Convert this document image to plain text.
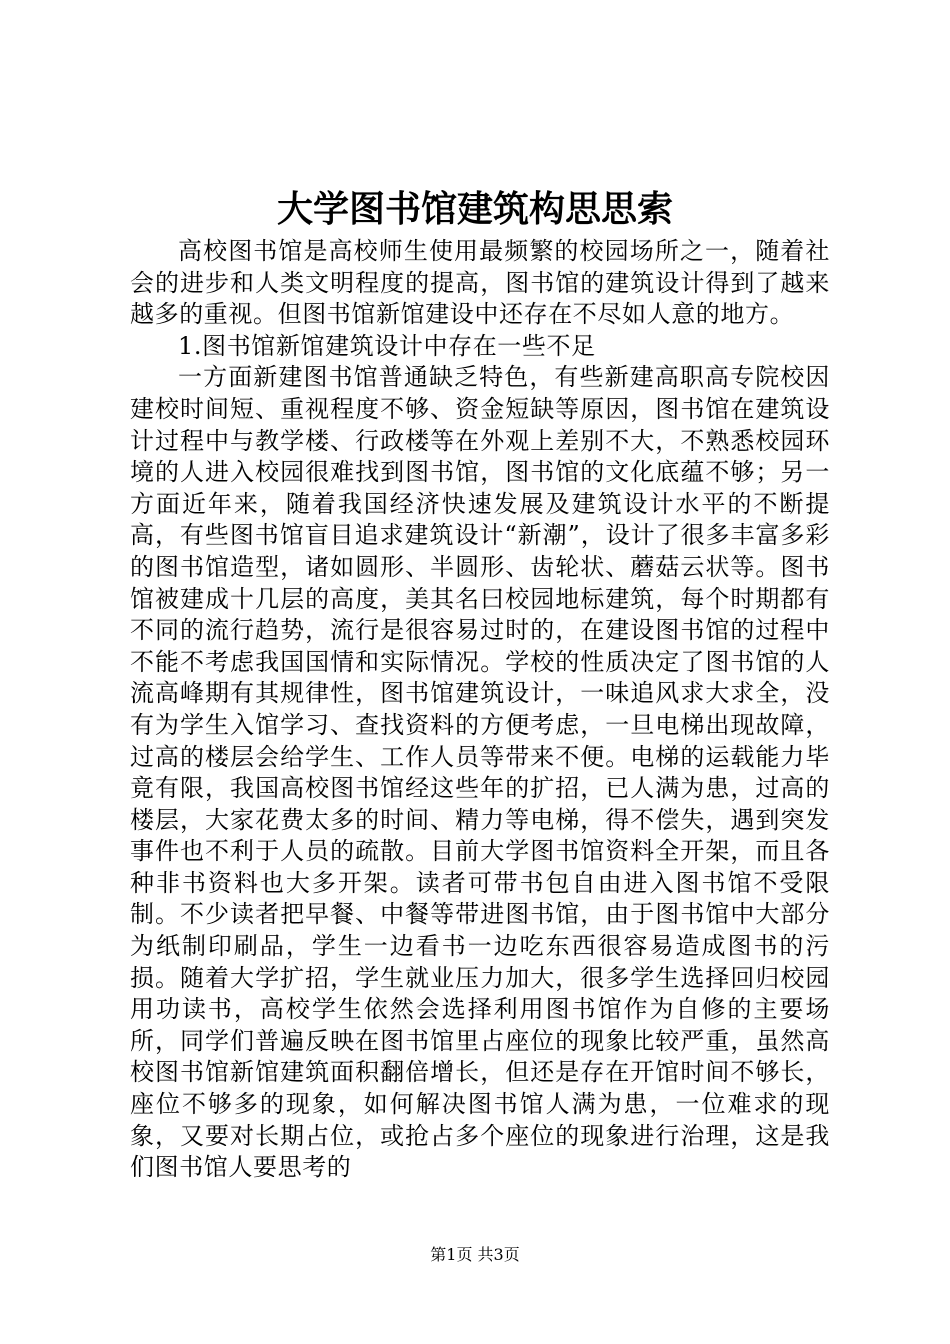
大学图书馆建筑构思思索

高校图书馆是高校师生使用最频繁的校园场所之一，随着社会的进步和人类文明程度的提高，图书馆的建筑设计得到了越来越多的重视。但图书馆新馆建设中还存在不尽如人意的地方。

1.图书馆新馆建筑设计中存在一些不足

一方面新建图书馆普通缺乏特色，有些新建高职高专院校因建校时间短、重视程度不够、资金短缺等原因，图书馆在建筑设计过程中与教学楼、行政楼等在外观上差别不大，不熟悉校园环境的人进入校园很难找到图书馆，图书馆的文化底蕴不够；另一方面近年来，随着我国经济快速发展及建筑设计水平的不断提高，有些图书馆盲目追求建筑设计“新潮”，设计了很多丰富多彩的图书馆造型，诸如圆形、半圆形、齿轮状、蘑菇云状等。图书馆被建成十几层的高度，美其名曰校园地标建筑，每个时期都有不同的流行趋势，流行是很容易过时的，在建设图书馆的过程中不能不考虑我国国情和实际情况。学校的性质决定了图书馆的人流高峰期有其规律性，图书馆建筑设计，一味追风求大求全，没有为学生入馆学习、查找资料的方便考虑，一旦电梯出现故障，过高的楼层会给学生、工作人员等带来不便。电梯的运载能力毕竟有限，我国高校图书馆经这些年的扩招，已人满为患，过高的楼层，大家花费太多的时间、精力等电梯，得不偿失，遇到突发事件也不利于人员的疏散。目前大学图书馆资料全开架，而且各种非书资料也大多开架。读者可带书包自由进入图书馆不受限制。不少读者把早餐、中餐等带进图书馆，由于图书馆中大部分为纸制印刷品，学生一边看书一边吃东西很容易造成图书的污损。随着大学扩招，学生就业压力加大，很多学生选择回归校园用功读书，高校学生依然会选择利用图书馆作为自修的主要场所，同学们普遍反映在图书馆里占座位的现象比较严重，虽然高校图书馆新馆建筑面积翻倍增长，但还是存在开馆时间不够长，座位不够多的现象，如何解决图书馆人满为患，一位难求的现象，又要对长期占位，或抢占多个座位的现象进行治理，这是我们图书馆人要思考的

第1页 共3页
